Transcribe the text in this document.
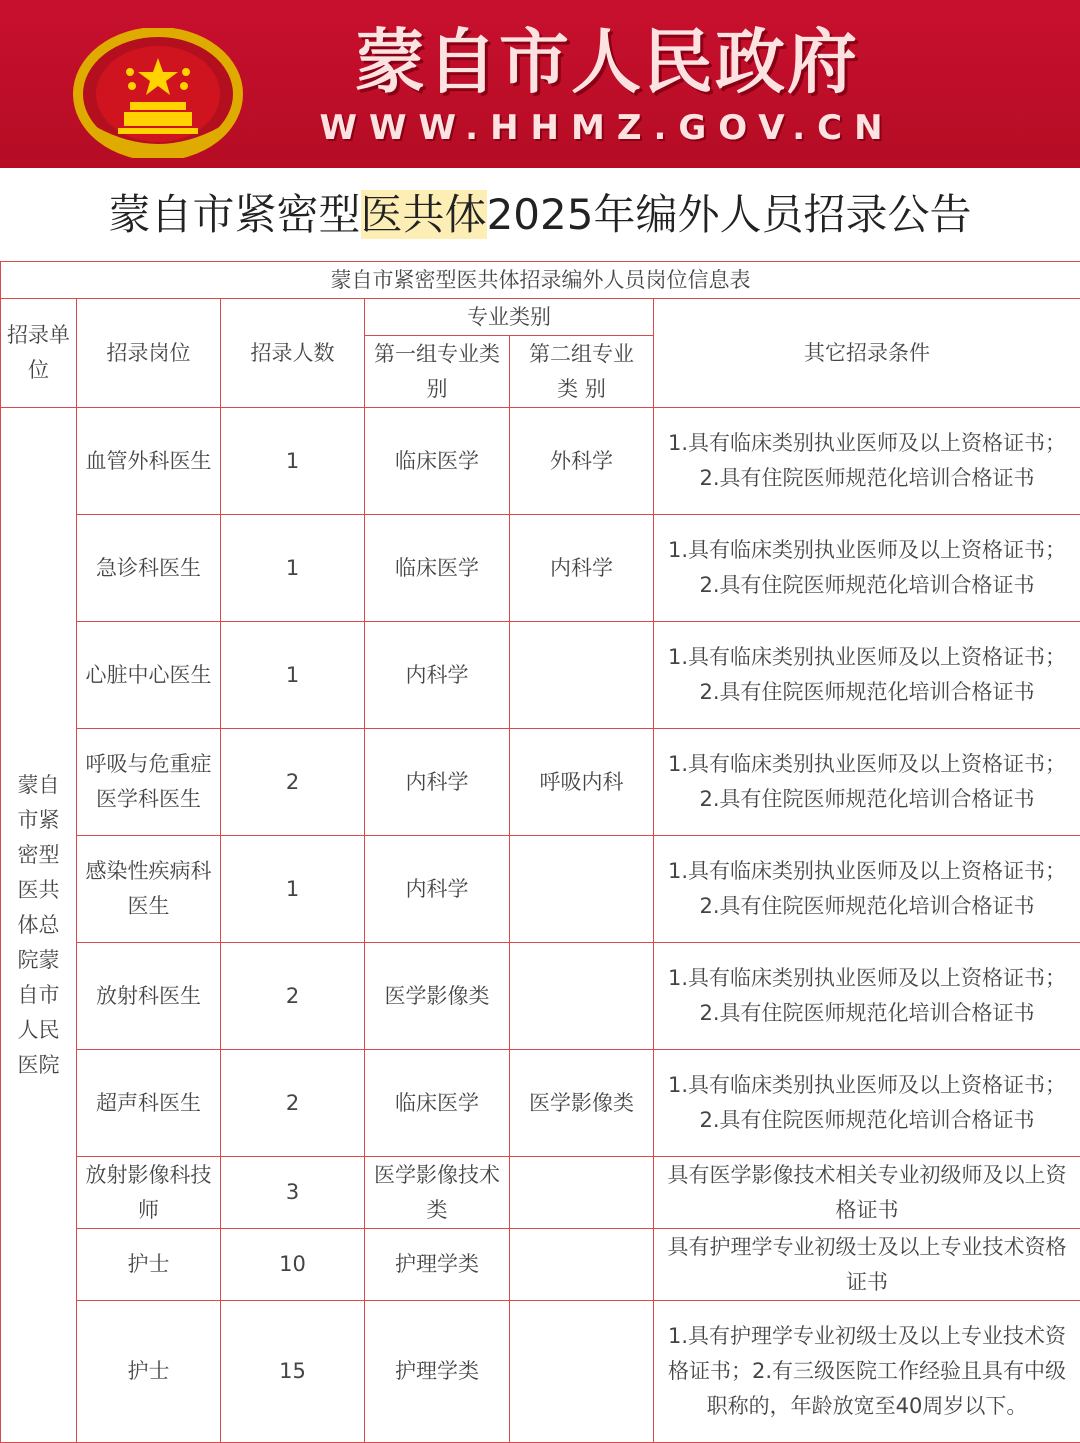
蒙自市人民政府
WWW.HHMZ.GOV.CN
蒙自市紧密型医共体2025年编外人员招录公告
蒙自市紧密型医共体招录编外人员岗位信息表					
招录单位	招录岗位	招录人数	专业类别		其它招录条件
			第一组专业类别	第二组专业 类 别	
蒙自市紧密型医共体总院蒙自市人民医院	血管外科医生	1	临床医学	外科学	1.具有临床类别执业医师及以上资格证书；2.具有住院医师规范化培训合格证书
	急诊科医生	1	临床医学	内科学	1.具有临床类别执业医师及以上资格证书；2.具有住院医师规范化培训合格证书
	心脏中心医生	1	内科学		1.具有临床类别执业医师及以上资格证书；2.具有住院医师规范化培训合格证书
	呼吸与危重症医学科医生	2	内科学	呼吸内科	1.具有临床类别执业医师及以上资格证书；2.具有住院医师规范化培训合格证书
	感染性疾病科医生	1	内科学		1.具有临床类别执业医师及以上资格证书；2.具有住院医师规范化培训合格证书
	放射科医生	2	医学影像类		1.具有临床类别执业医师及以上资格证书；2.具有住院医师规范化培训合格证书
	超声科医生	2	临床医学	医学影像类	1.具有临床类别执业医师及以上资格证书；2.具有住院医师规范化培训合格证书
	放射影像科技师	3	医学影像技术类		具有医学影像技术相关专业初级师及以上资格证书
	护士	10	护理学类		具有护理学专业初级士及以上专业技术资格证书
	护士	15	护理学类		1.具有护理学专业初级士及以上专业技术资格证书；2.有三级医院工作经验且具有中级职称的，年龄放宽至40周岁以下。
